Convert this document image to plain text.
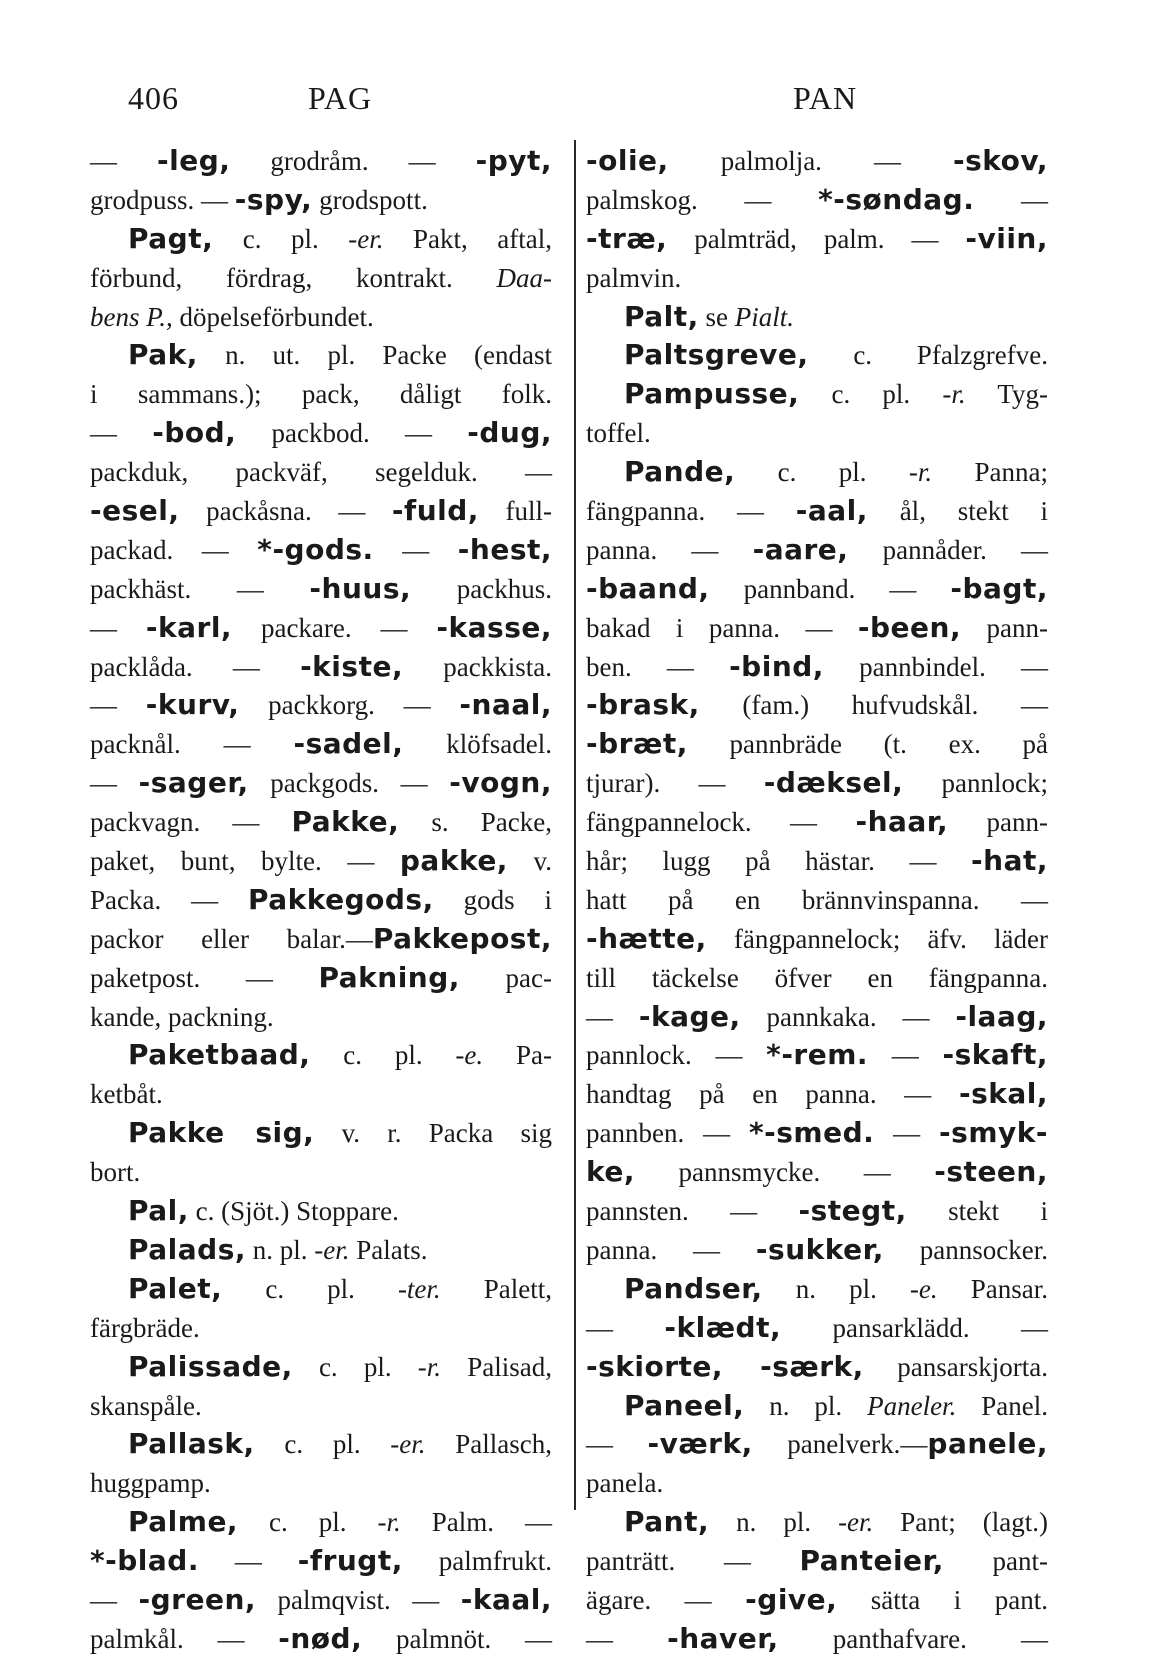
406	PAG	PAN
— -leg, grodråm. — -pyt,
grodpuss. — -spy, grodspott.
Pagt, c. pl. -er. Pakt, aftal,
förbund, fördrag, kontrakt. Daa-
bens P., döpelseförbundet.
Pak, n. ut. pl. Packe (endast
i sammans.); pack, dåligt folk.
— -bod, packbod. — -dug,
packduk, packväf, segelduk. —
-esel, packåsna. — -fuld, full-
packad. — *-gods. — -hest,
packhäst. — -huus, packhus.
— -karl, packare. — -kasse,
packlåda. — -kiste, packkista.
— -kurv, packkorg. — -naal,
packnål. — -sadel, klöfsadel.
— -sager, packgods. — -vogn,
packvagn. — Pakke, s. Packe,
paket, bunt, bylte. — pakke, v.
Packa. — Pakkegods, gods i
packor eller balar.—Pakkepost,
paketpost. — Pakning, pac-
kande, packning.
Paketbaad, c. pl. -e. Pa-
ketbåt.
Pakke sig, v. r. Packa sig
bort.
Pal, c. (Sjöt.) Stoppare.
Palads, n. pl. -er. Palats.
Palet, c. pl. -ter. Palett,
färgbräde.
Palissade, c. pl. -r. Palisad,
skanspåle.
Pallask, c. pl. -er. Pallasch,
huggpamp.
Palme, c. pl. -r. Palm. —
*-blad. — -frugt, palmfrukt.
— -green, palmqvist. — -kaal,
palmkål. — -nød, palmnöt. —
-olie, palmolja. — -skov,
palmskog. — *-søndag. —
-træ, palmträd, palm. — -viin,
palmvin.
Palt, se Pialt.
Paltsgreve, c. Pfalzgrefve.
Pampusse, c. pl. -r. Tyg-
toffel.
Pande, c. pl. -r. Panna;
fängpanna. — -aal, ål, stekt i
panna. — -aare, pannåder. —
-baand, pannband. — -bagt,
bakad i panna. — -been, pann-
ben. — -bind, pannbindel. —
-brask, (fam.) hufvudskål. —
-bræt, pannbräde (t. ex. på
tjurar). — -dæksel, pannlock;
fängpannelock. — -haar, pann-
hår; lugg på hästar. — -hat,
hatt på en brännvinspanna. —
-hætte, fängpannelock; äfv. läder
till täckelse öfver en fängpanna.
— -kage, pannkaka. — -laag,
pannlock. — *-rem. — -skaft,
handtag på en panna. — -skal,
pannben. — *-smed. — -smyk-
ke, pannsmycke. — -steen,
pannsten. — -stegt, stekt i
panna. — -sukker, pannsocker.
Pandser, n. pl. -e. Pansar.
— -klædt, pansarklädd. —
-skiorte, -særk, pansarskjorta.
Paneel, n. pl. Paneler. Panel.
— -værk, panelverk.—panele,
panela.
Pant, n. pl. -er. Pant; (lagt.)
panträtt. — Panteier, pant-
ägare. — -give, sätta i pant.
— -haver, panthafvare. —
